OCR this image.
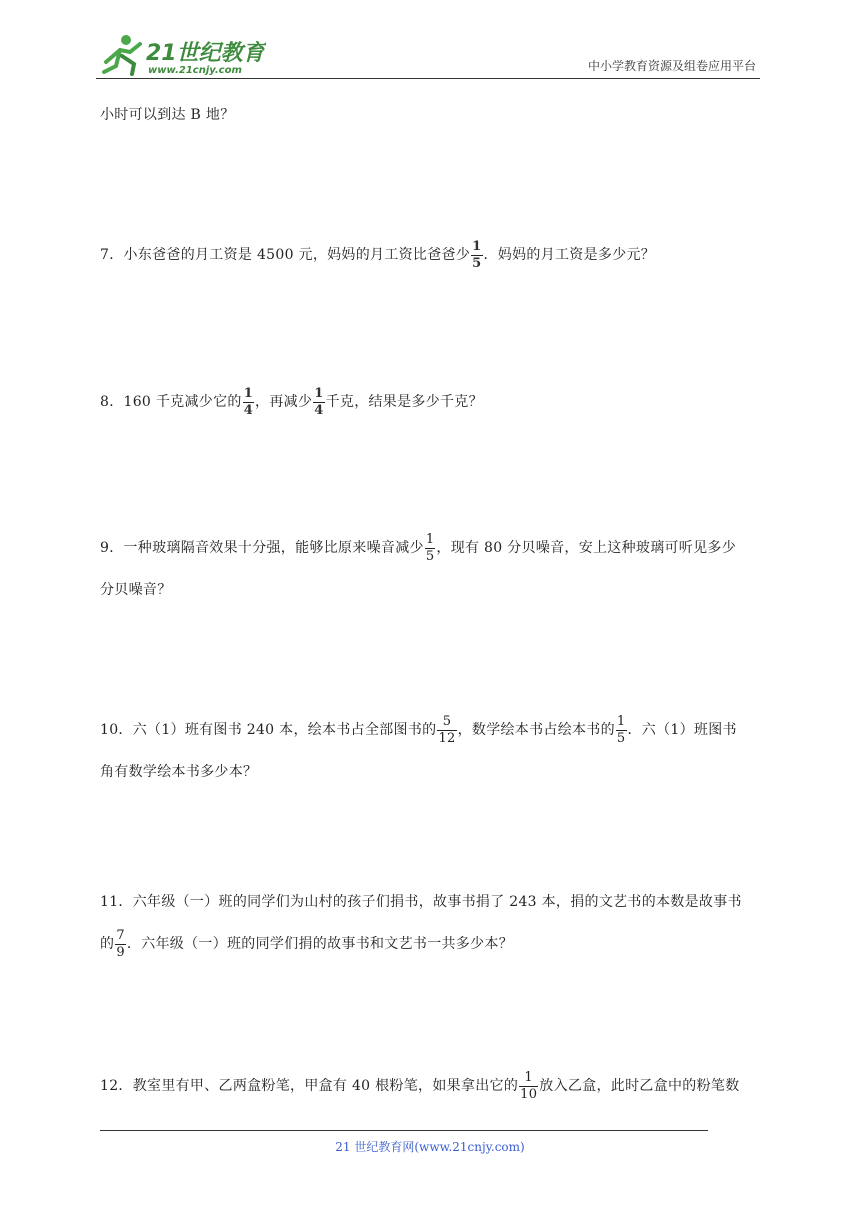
21世纪教育
www.21cnjy.com	中小学教育资源及组卷应用平台
小时可以到达 B 地？
7．小东爸爸的月工资是 4500 元，妈妈的月工资比爸爸少 $\frac{1}{5}$ ．妈妈的月工资是多少元？
8．160 千克减少它的 $\frac{1}{4}$ ，再减少 $\frac{1}{4}$ 千克，结果是多少千克？
9．一种玻璃隔音效果十分强，能够比原来噪音减少 $\frac{1}{5}$ ，现有 80 分贝噪音，安上这种玻璃可听见多少
分贝噪音？
10．六（1）班有图书 240 本，绘本书占全部图书的 $\frac{5}{12}$ ，数学绘本书占绘本书的 $\frac{1}{5}$ ．六（1）班图书
角有数学绘本书多少本？
11．六年级（一）班的同学们为山村的孩子们捐书，故事书捐了 243 本，捐的文艺书的本数是故事书
的 $\frac{7}{9}$ ．六年级（一）班的同学们捐的故事书和文艺书一共多少本？
12．教室里有甲、乙两盒粉笔，甲盒有 40 根粉笔，如果拿出它的 $\frac{1}{10}$ 放入乙盒，此时乙盒中的粉笔数
21 世纪教育网(www.21cnjy.com)
